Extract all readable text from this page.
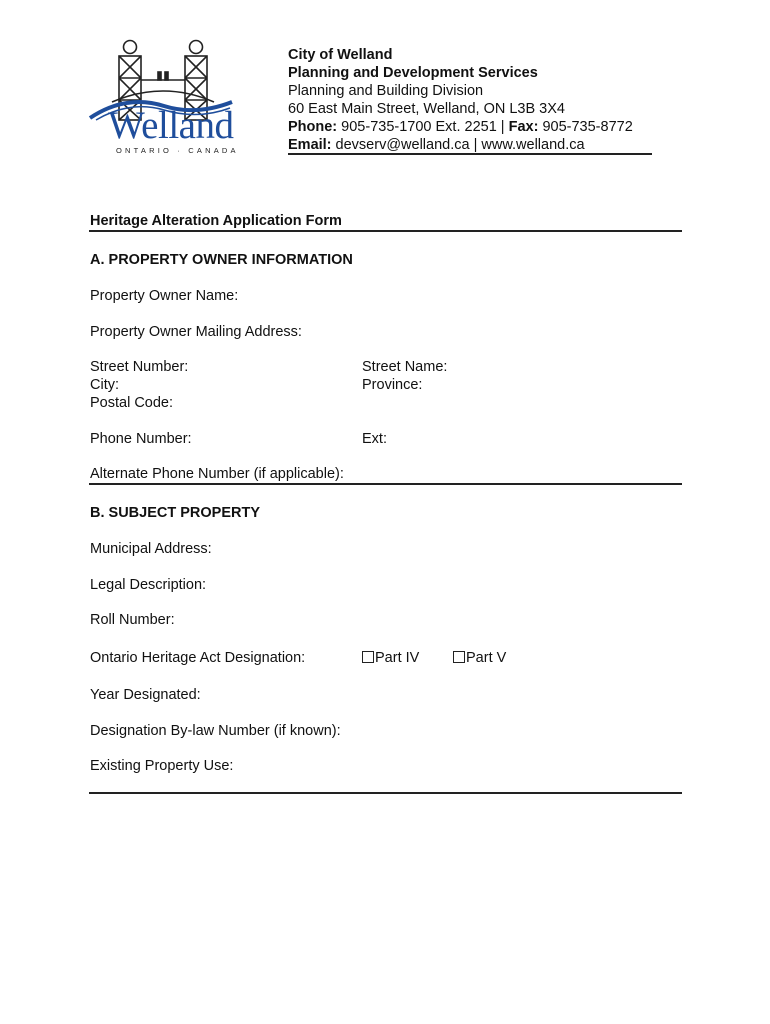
Welland
ONTARIO · CANADA
City of Welland
Planning and Development Services
Planning and Building Division
60 East Main Street, Welland, ON L3B 3X4
Phone: 905-735-1700 Ext. 2251 | Fax: 905-735-8772
Email: devserv@welland.ca | www.welland.ca
Heritage Alteration Application Form
A. PROPERTY OWNER INFORMATION
Property Owner Name:
Property Owner Mailing Address:
Street Number:	Street Name:
City:	Province:
Postal Code:
Phone Number:	Ext:
Alternate Phone Number (if applicable):
B. SUBJECT PROPERTY
Municipal Address:
Legal Description:
Roll Number:
Ontario Heritage Act Designation:	Part IV	Part V
Year Designated:
Designation By-law Number (if known):
Existing Property Use:
